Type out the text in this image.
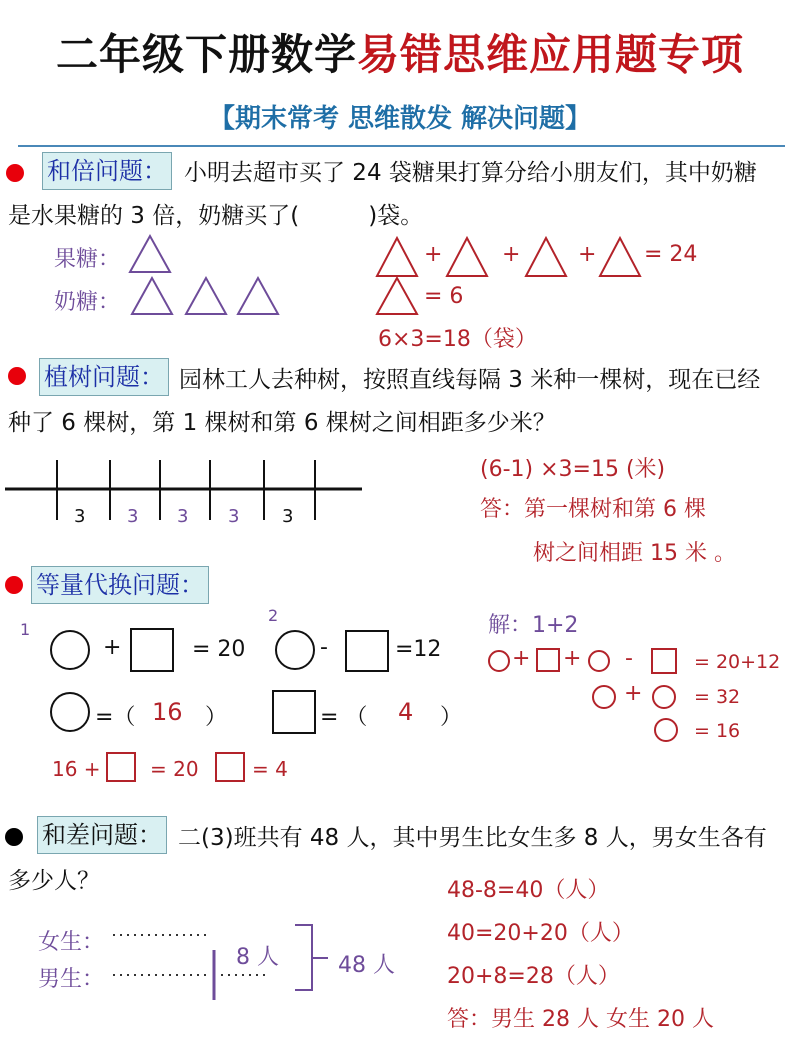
二年级下册数学易错思维应用题专项
【期末常考 思维散发 解决问题】
和倍问题： 小明去超市买了 24 袋糖果打算分给小朋友们，其中奶糖
是水果糖的 3 倍，奶糖买了(　　　)袋。
果糖：
奶糖：
+	+	+ = 24
= 6
6×3=18（袋）
植树问题： 园林工人去种树，按照直线每隔 3 米种一棵树，现在已经
种了 6 棵树，第 1 棵树和第 6 棵树之间相距多少米？
3 3 3 3 3
(6-1) ×3=15 (米)
答：第一棵树和第 6 棵
树之间相距 15 米 。
等量代换问题：
1
+	= 20
2
-	=12
=（ 16 ）	= （ 4 ）
16 + = 20	= 4
解：1+2
+ + -	= 20+12
+	= 32
= 16
和差问题： 二(3)班共有 48 人，其中男生比女生多 8 人，男女生各有
多少人？
女生：
男生：
8 人	48 人
48-8=40（人）
40=20+20（人）
20+8=28（人）
答：男生 28 人 女生 20 人
